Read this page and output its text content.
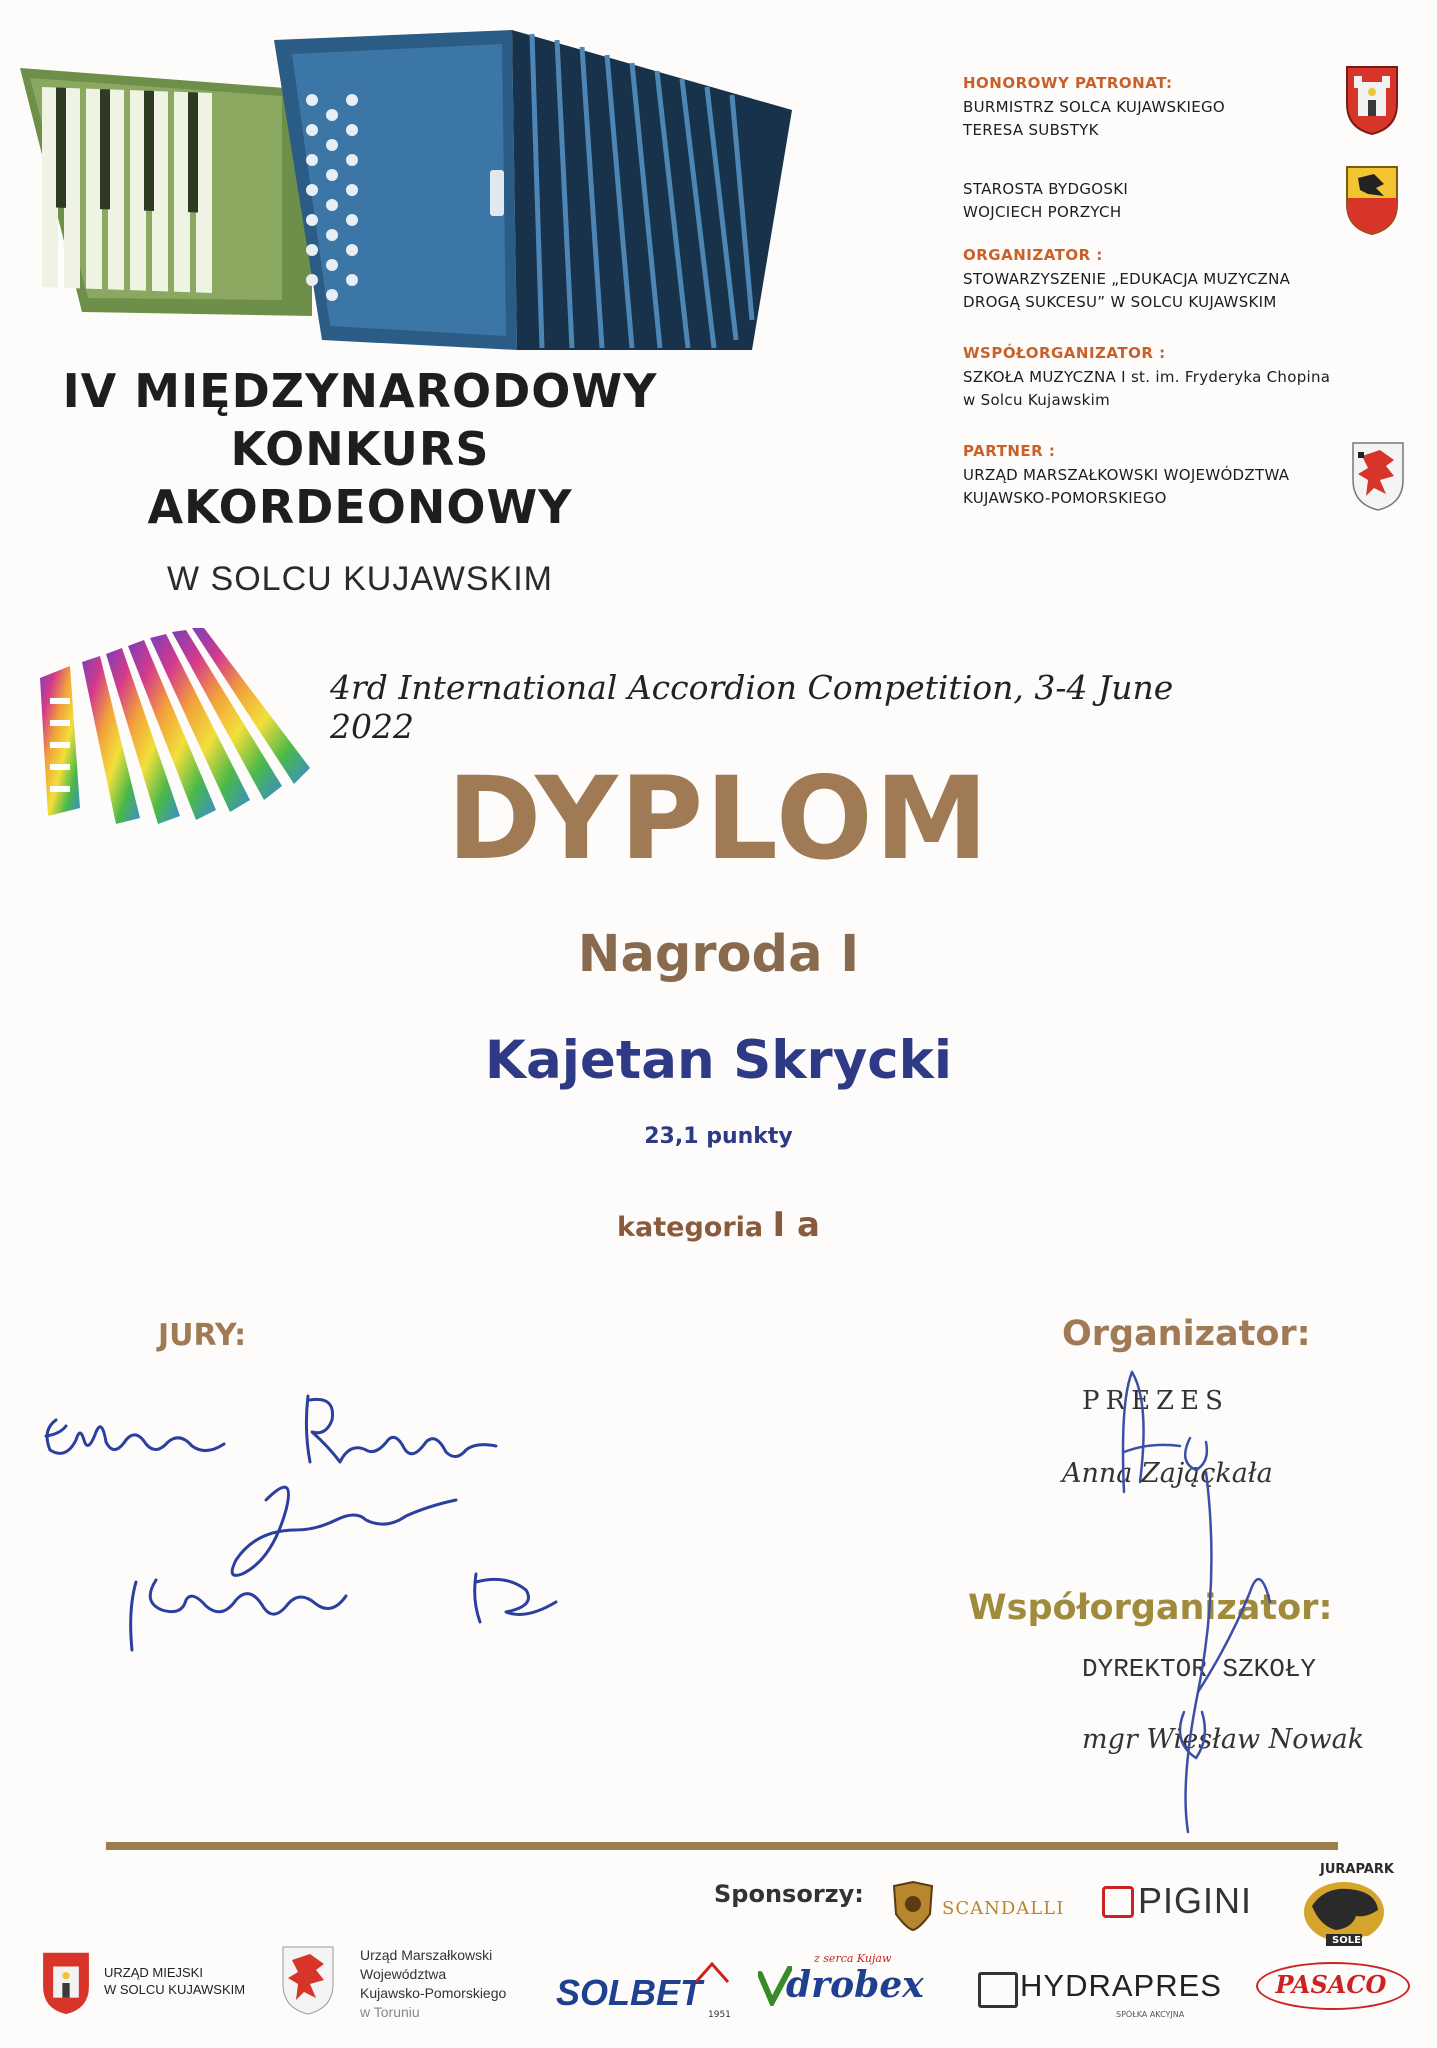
IV MIĘDZYNARODOWY
KONKURS
AKORDEONOWY
W SOLCU KUJAWSKIM
HONOROWY PATRONAT:
BURMISTRZ SOLCA KUJAWSKIEGO
TERESA SUBSTYK
STAROSTA BYDGOSKI
WOJCIECH PORZYCH
ORGANIZATOR :
STOWARZYSZENIE „EDUKACJA MUZYCZNA
DROGĄ SUKCESU” W SOLCU KUJAWSKIM
WSPÓŁORGANIZATOR :
SZKOŁA MUZYCZNA I st. im. Fryderyka Chopina
w Solcu Kujawskim
PARTNER :
URZĄD MARSZAŁKOWSKI WOJEWÓDZTWA
KUJAWSKO-POMORSKIEGO
4rd International Accordion Competition, 3-4 June 2022
DYPLOM
Nagroda I
Kajetan Skrycki
23,1 punkty
kategoria I a
JURY:	Organizator:
PREZES
Anna Zając̨kała
Współorganizator:
DYREKTOR SZKOŁY
mgr Wiesław Nowak
Sponsorzy:
URZĄD MIEJSKI
W SOLCU KUJAWSKIM
Urząd Marszałkowski
Województwa
Kujawsko-Pomorskiego
w Toruniu
SCANDALLI PIGINI
JURAPARK
SOLEC
SOLBET
1951
z serca Kujaw
drobex	HYDRAPRES
SPÓŁKA AKCYJNA
PASACO
